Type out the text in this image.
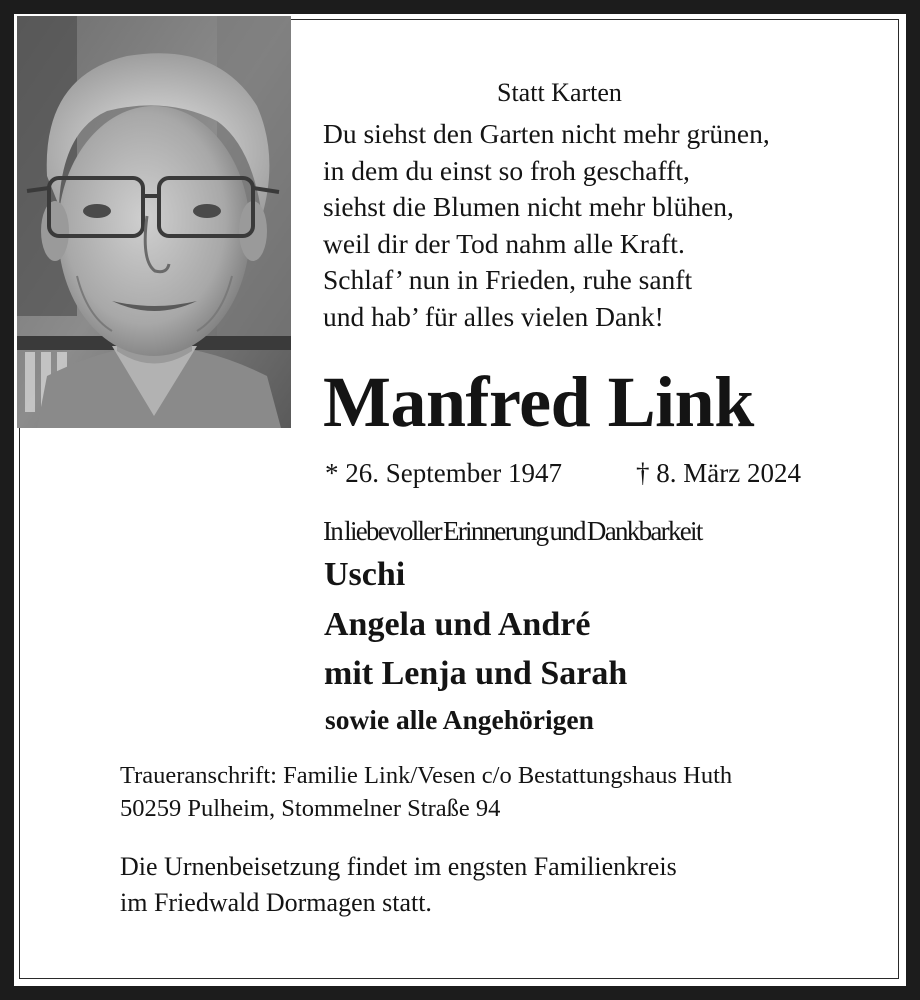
Statt Karten
Du siehst den Garten nicht mehr grünen,
in dem du einst so froh geschafft,
siehst die Blumen nicht mehr blühen,
weil dir der Tod nahm alle Kraft.
Schlaf’ nun in Frieden, ruhe sanft
und hab’ für alles vielen Dank!
Manfred Link
* 26. September 1947	† 8. März 2024
In liebevoller Erinnerung und Dankbarkeit
Uschi
Angela und André
mit Lenja und Sarah
sowie alle Angehörigen
Traueranschrift: Familie Link/Vesen c/o Bestattungshaus Huth
50259 Pulheim, Stommelner Straße 94
Die Urnenbeisetzung findet im engsten Familienkreis
im Friedwald Dormagen statt.
